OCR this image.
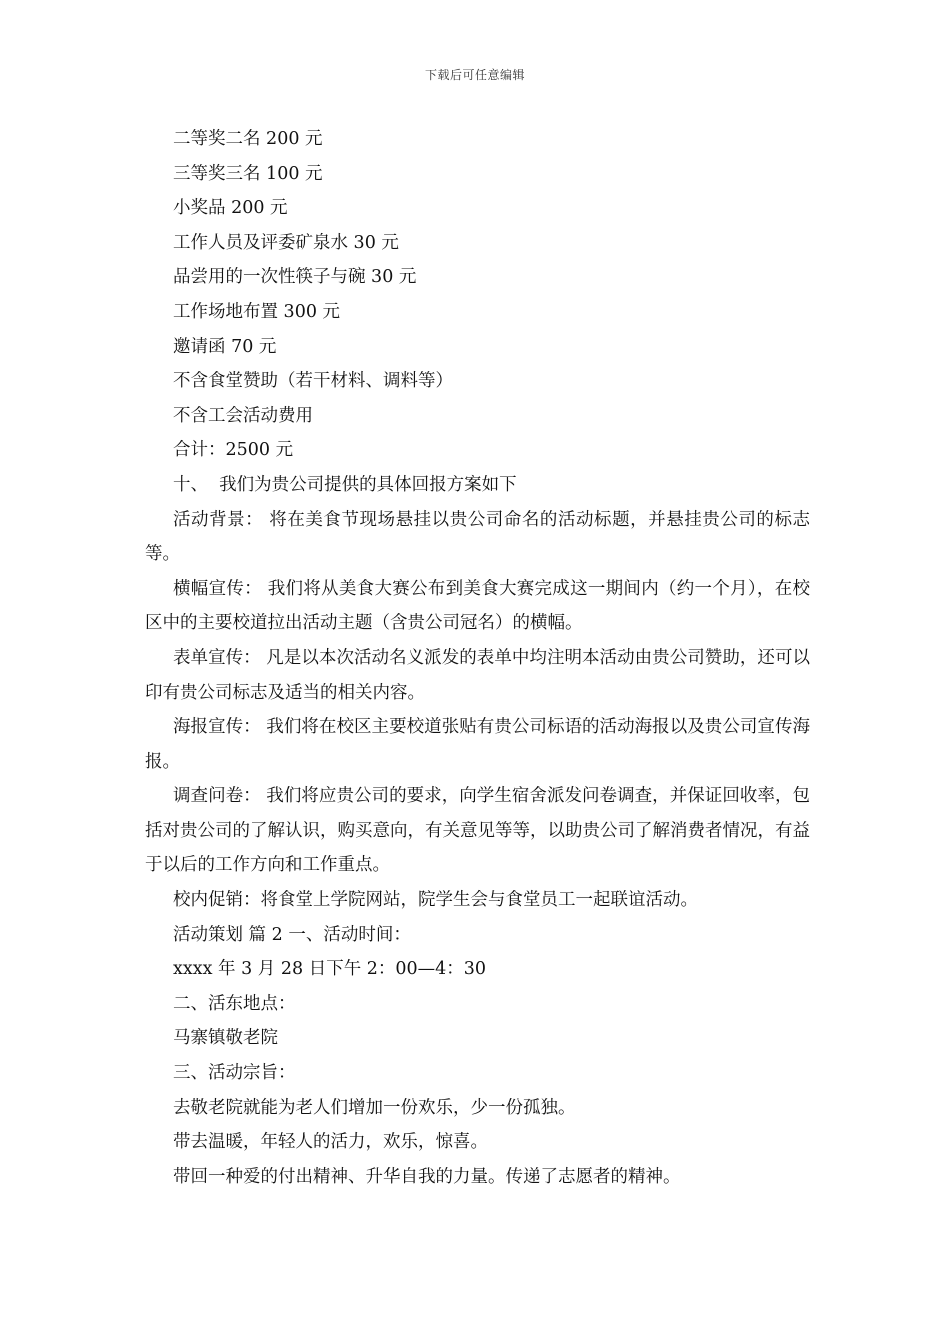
下载后可任意编辑
二等奖二名 200 元
三等奖三名 100 元
小奖品 200 元
工作人员及评委矿泉水 30 元
品尝用的一次性筷子与碗 30 元
工作场地布置 300 元
邀请函 70 元
不含食堂赞助（若干材料、调料等）
不含工会活动费用
合计：2500 元
十、  我们为贵公司提供的具体回报方案如下

活动背景： 将在美食节现场悬挂以贵公司命名的活动标题，并悬挂贵公司的标志等。

横幅宣传： 我们将从美食大赛公布到美食大赛完成这一期间内（约一个月），在校区中的主要校道拉出活动主题（含贵公司冠名）的横幅。

表单宣传： 凡是以本次活动名义派发的表单中均注明本活动由贵公司赞助，还可以印有贵公司标志及适当的相关内容。

海报宣传： 我们将在校区主要校道张贴有贵公司标语的活动海报以及贵公司宣传海报。

调查问卷： 我们将应贵公司的要求，向学生宿舍派发问卷调查，并保证回收率，包括对贵公司的了解认识，购买意向，有关意见等等，以助贵公司了解消费者情况，有益于以后的工作方向和工作重点。

校内促销：将食堂上学院网站，院学生会与食堂员工一起联谊活动。
活动策划 篇 2 一、活动时间：
xxxx 年 3 月 28 日下午 2：00—4：30
二、活东地点：
马寨镇敬老院
三、活动宗旨：
去敬老院就能为老人们增加一份欢乐，少一份孤独。
带去温暖，年轻人的活力，欢乐，惊喜。
带回一种爱的付出精神、升华自我的力量。传递了志愿者的精神。
